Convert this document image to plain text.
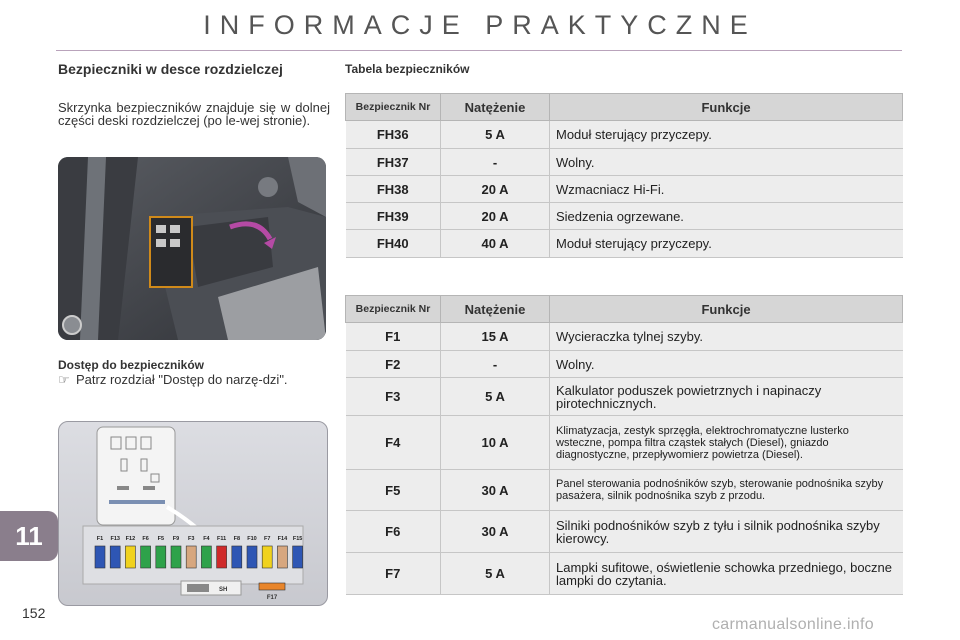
INFORMACJE PRAKTYCZNE
Bezpieczniki w desce rozdzielczej
Skrzynka bezpieczników znajduje się w dolnej części deski rozdzielczej (po le-wej stronie).
Dostęp do bezpieczników
☞ Patrz rozdział "Dostęp do narzę-dzi".
F1 F13 F12 F6 F5 F9 F3 F4 F11 F8 F10 F7 F14 F15
SH
F17
Tabela bezpieczników
Bezpiecznik Nr	Natężenie	Funkcje
FH36	5 A	Moduł sterujący przyczepy.
FH37	-	Wolny.
FH38	20 A	Wzmacniacz Hi-Fi.
FH39	20 A	Siedzenia ogrzewane.
FH40	40 A	Moduł sterujący przyczepy.
Bezpiecznik Nr	Natężenie	Funkcje
F1	15 A	Wycieraczka tylnej szyby.
F2	-	Wolny.
F3	5 A	Kalkulator poduszek powietrznych i napinaczy pirotechnicznych.
F4	10 A	Klimatyzacja, zestyk sprzęgła, elektrochromatyczne lusterko wsteczne, pompa filtra cząstek stałych (Diesel), gniazdo diagnostyczne, przepływomierz powietrza (Diesel).
F5	30 A	Panel sterowania podnośników szyb, sterowanie podnośnika szyby pasażera, silnik podnośnika szyb z przodu.
F6	30 A	Silniki podnośników szyb z tyłu i silnik podnośnika szyby kierowcy.
F7	5 A	Lampki sufitowe, oświetlenie schowka przedniego, boczne lampki do czytania.
11
152
carmanualsonline.info
